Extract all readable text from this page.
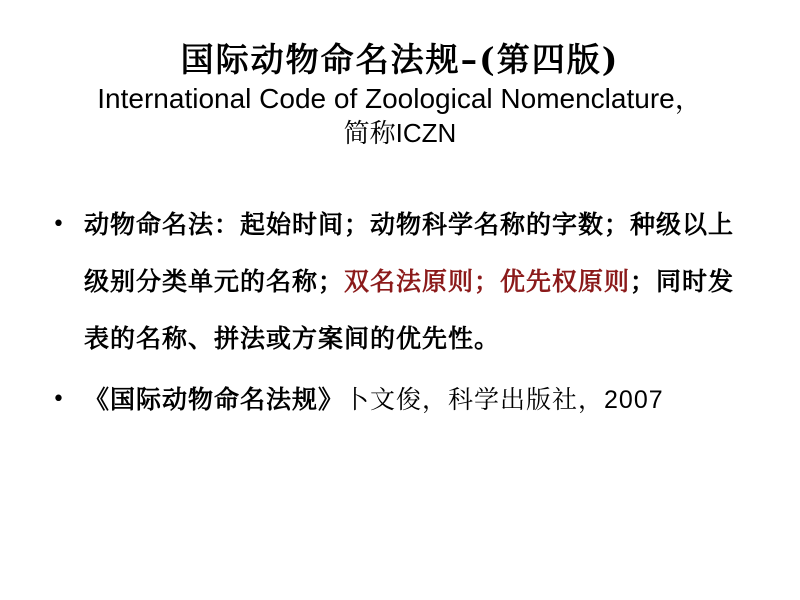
国际动物命名法规–(第四版)
International Code of Zoological Nomenclature，
简称ICZN
• 动物命名法：起始时间；动物科学名称的字数；种级以上级别分类单元的名称；双名法原则；优先权原则；同时发表的名称、拼法或方案间的优先性。
• 《国际动物命名法规》卜文俊，科学出版社，2007
